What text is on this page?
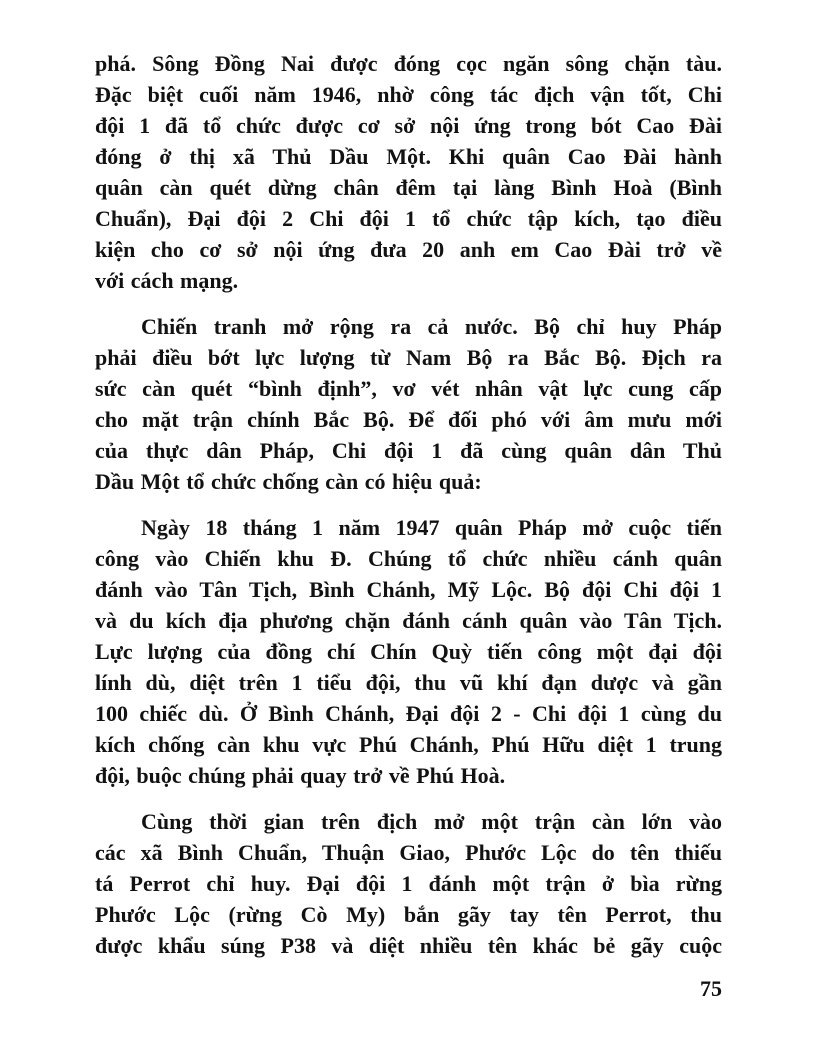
phá. Sông Đồng Nai được đóng cọc ngăn sông chặn tàu.
Đặc biệt cuối năm 1946, nhờ công tác địch vận tốt, Chi
đội 1 đã tổ chức được cơ sở nội ứng trong bót Cao Đài
đóng ở thị xã Thủ Dầu Một. Khi quân Cao Đài hành
quân càn quét dừng chân đêm tại làng Bình Hoà (Bình
Chuẩn), Đại đội 2 Chi đội 1 tổ chức tập kích, tạo điều
kiện cho cơ sở nội ứng đưa 20 anh em Cao Đài trở về
với cách mạng.
Chiến tranh mở rộng ra cả nước. Bộ chỉ huy Pháp
phải điều bớt lực lượng từ Nam Bộ ra Bắc Bộ. Địch ra
sức càn quét “bình định”, vơ vét nhân vật lực cung cấp
cho mặt trận chính Bắc Bộ. Để đối phó với âm mưu mới
của thực dân Pháp, Chi đội 1 đã cùng quân dân Thủ
Dầu Một tổ chức chống càn có hiệu quả:
Ngày 18 tháng 1 năm 1947 quân Pháp mở cuộc tiến
công vào Chiến khu Đ. Chúng tổ chức nhiều cánh quân
đánh vào Tân Tịch, Bình Chánh, Mỹ Lộc. Bộ đội Chi đội 1
và du kích địa phương chặn đánh cánh quân vào Tân Tịch.
Lực lượng của đồng chí Chín Quỳ tiến công một đại đội
lính dù, diệt trên 1 tiểu đội, thu vũ khí đạn dược và gần
100 chiếc dù. Ở Bình Chánh, Đại đội 2 - Chi đội 1 cùng du
kích chống càn khu vực Phú Chánh, Phú Hữu diệt 1 trung
đội, buộc chúng phải quay trở về Phú Hoà.
Cùng thời gian trên địch mở một trận càn lớn vào
các xã Bình Chuẩn, Thuận Giao, Phước Lộc do tên thiếu
tá Perrot chỉ huy. Đại đội 1 đánh một trận ở bìa rừng
Phước Lộc (rừng Cò My) bắn gãy tay tên Perrot, thu
được khẩu súng P38 và diệt nhiều tên khác bẻ gãy cuộc
75
